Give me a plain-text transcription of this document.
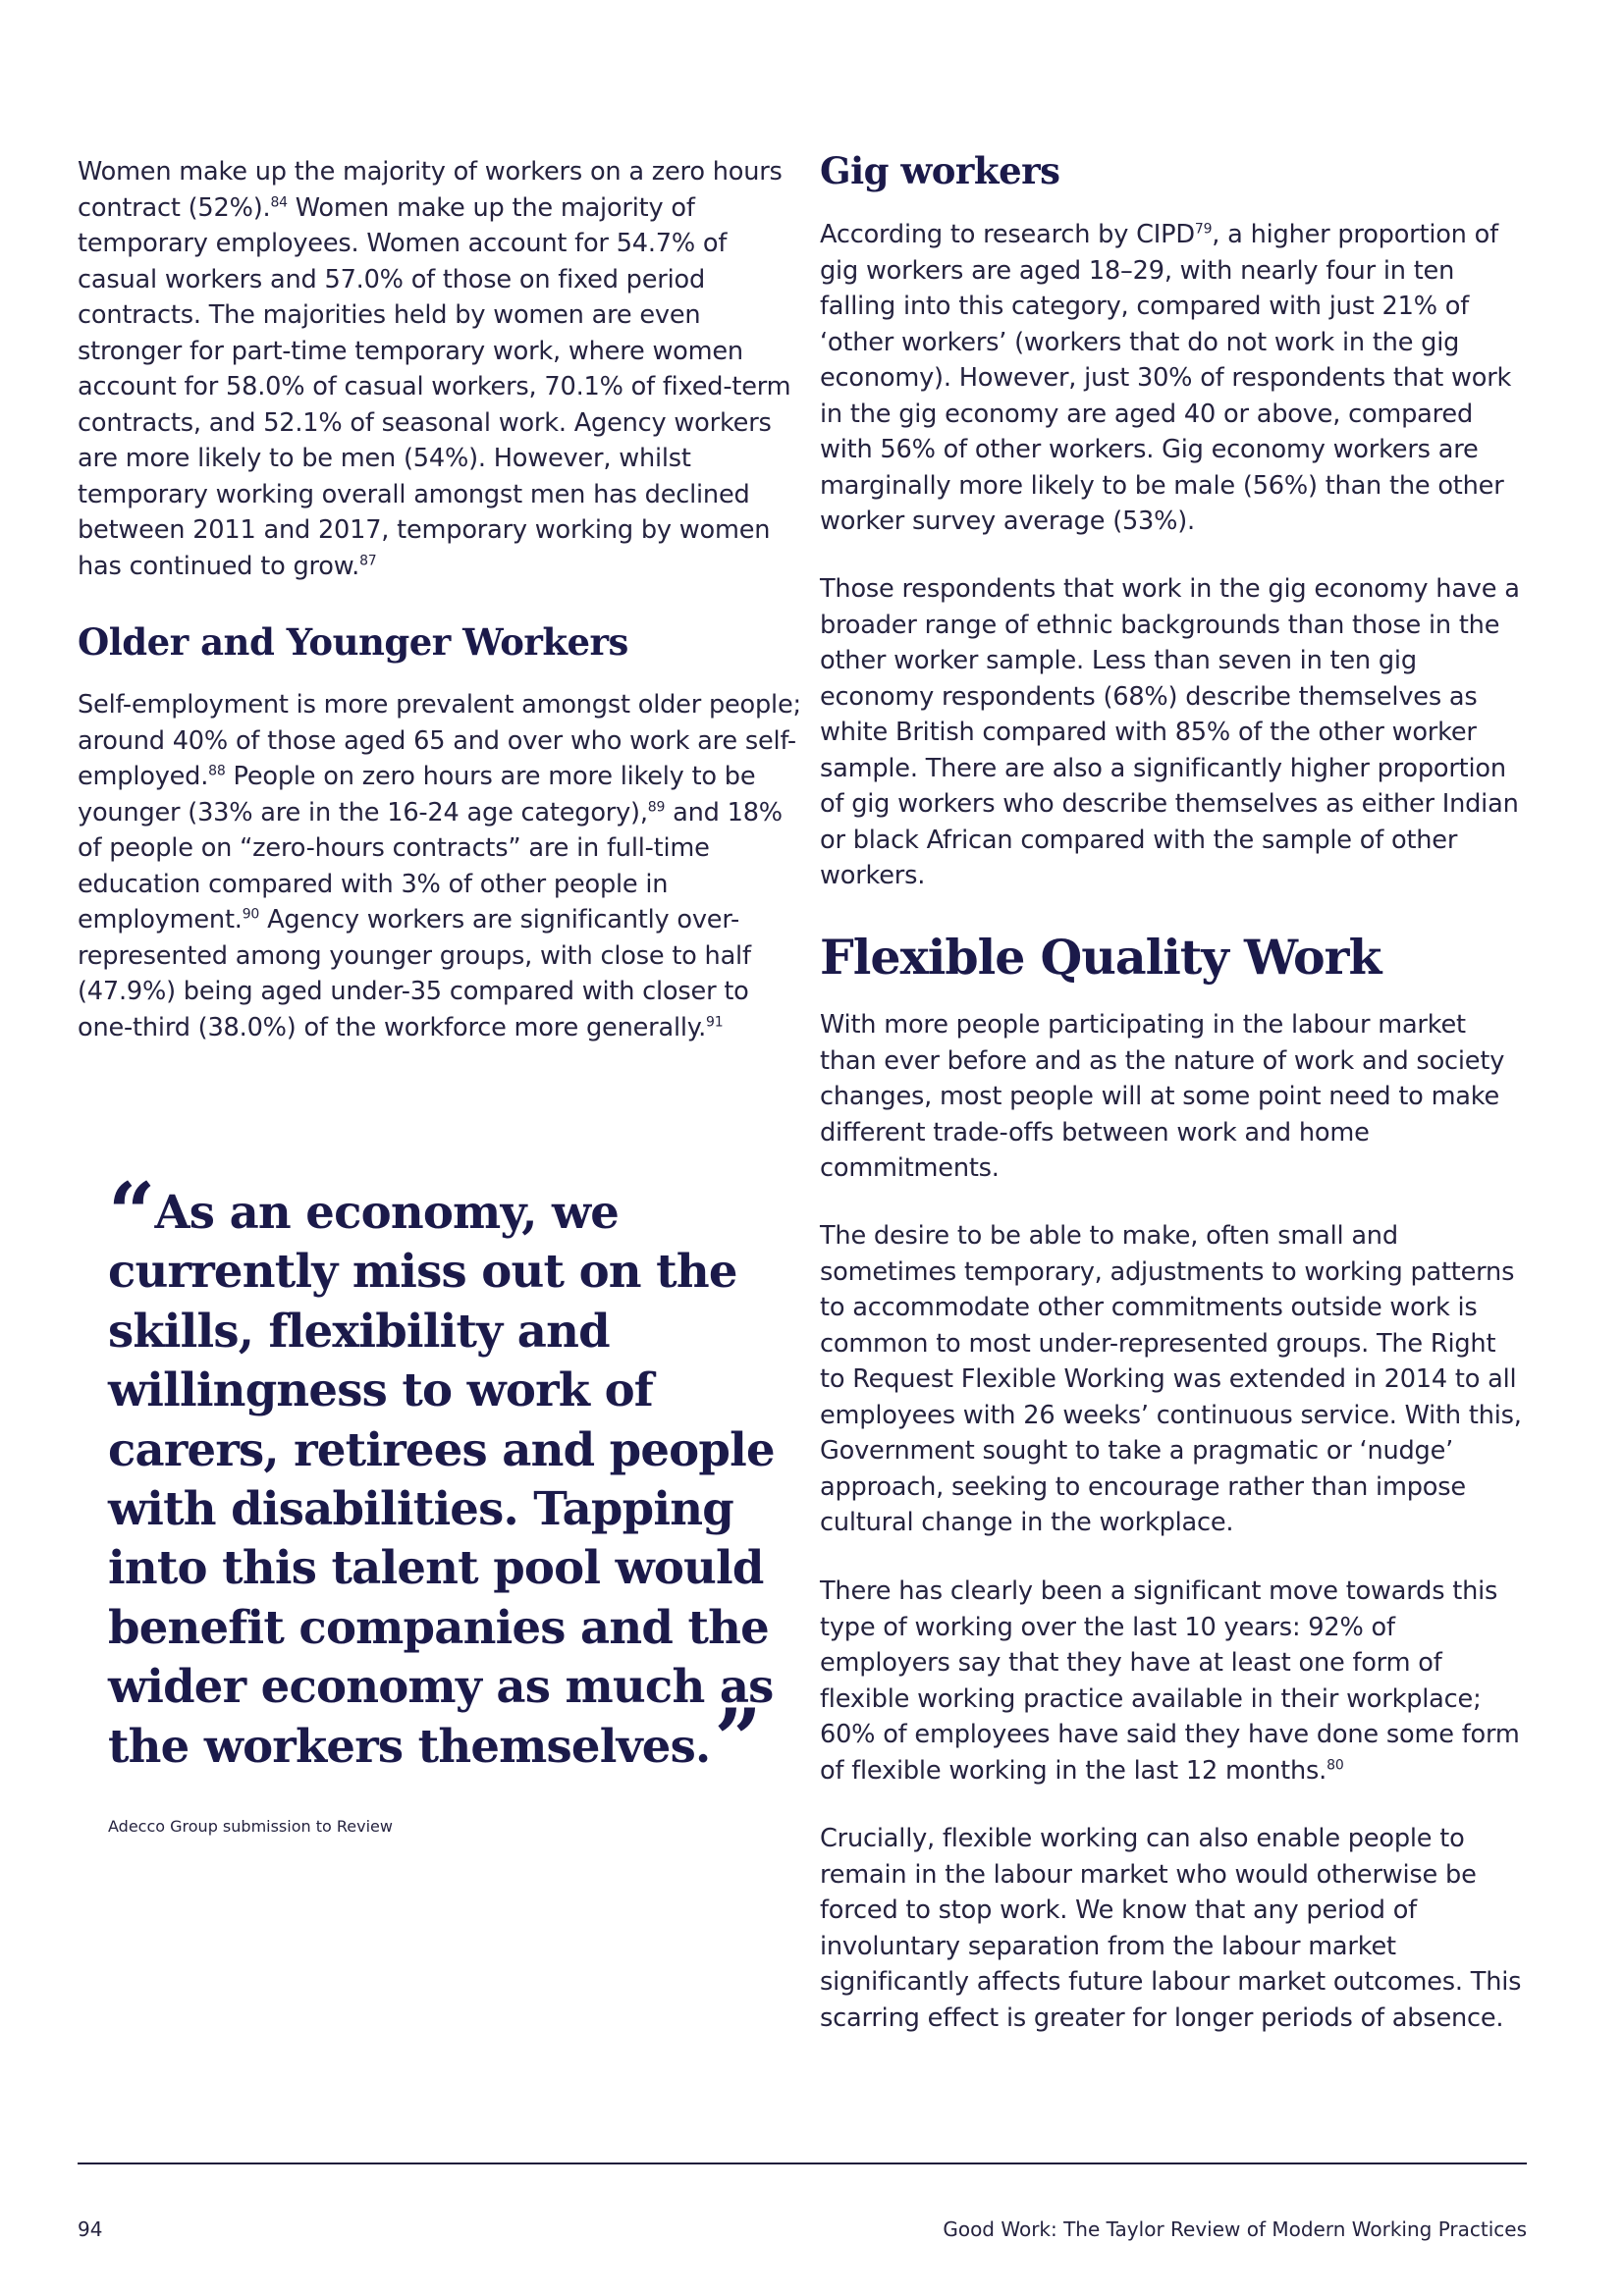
Women make up the majority of workers on a zero hours contract (52%).$^{84}$ Women make up the majority of temporary employees. Women account for 54.7% of casual workers and 57.0% of those on fixed period contracts. The majorities held by women are even stronger for part-time temporary work, where women account for 58.0% of casual workers, 70.1% of fixed-term contracts, and 52.1% of seasonal work. Agency workers are more likely to be men (54%). However, whilst temporary working overall amongst men has declined between 2011 and 2017, temporary working by women has continued to grow.$^{87}$

Older and Younger Workers

Self-employment is more prevalent amongst older people; around 40% of those aged 65 and over who work are self-employed.$^{88}$ People on zero hours are more likely to be younger (33% are in the 16-24 age category),$^{89}$ and 18% of people on “zero-hours contracts” are in full-time education compared with 3% of other people in employment.$^{90}$ Agency workers are significantly over-represented among younger groups, with close to half (47.9%) being aged under-35 compared with closer to one-third (38.0%) of the workforce more generally.$^{91}$

“As an economy, we currently miss out on the skills, flexibility and willingness to work of carers, retirees and people with disabilities. Tapping into this talent pool would benefit companies and the wider economy as much as the workers themselves.”
Adecco Group submission to Review
Gig workers

According to research by CIPD$^{79}$, a higher proportion of gig workers are aged 18–29, with nearly four in ten falling into this category, compared with just 21% of ‘other workers’ (workers that do not work in the gig economy). However, just 30% of respondents that work in the gig economy are aged 40 or above, compared with 56% of other workers. Gig economy workers are marginally more likely to be male (56%) than the other worker survey average (53%).

Those respondents that work in the gig economy have a broader range of ethnic backgrounds than those in the other worker sample. Less than seven in ten gig economy respondents (68%) describe themselves as white British compared with 85% of the other worker sample. There are also a significantly higher proportion of gig workers who describe themselves as either Indian or black African compared with the sample of other workers.

Flexible Quality Work

With more people participating in the labour market than ever before and as the nature of work and society changes, most people will at some point need to make different trade-offs between work and home commitments.

The desire to be able to make, often small and sometimes temporary, adjustments to working patterns to accommodate other commitments outside work is common to most under-represented groups. The Right to Request Flexible Working was extended in 2014 to all employees with 26 weeks’ continuous service. With this, Government sought to take a pragmatic or ‘nudge’ approach, seeking to encourage rather than impose cultural change in the workplace.

There has clearly been a significant move towards this type of working over the last 10 years: 92% of employers say that they have at least one form of flexible working practice available in their workplace; 60% of employees have said they have done some form of flexible working in the last 12 months.$^{80}$

Crucially, flexible working can also enable people to remain in the labour market who would otherwise be forced to stop work. We know that any period of involuntary separation from the labour market significantly affects future labour market outcomes. This scarring effect is greater for longer periods of absence.

94	Good Work: The Taylor Review of Modern Working Practices
